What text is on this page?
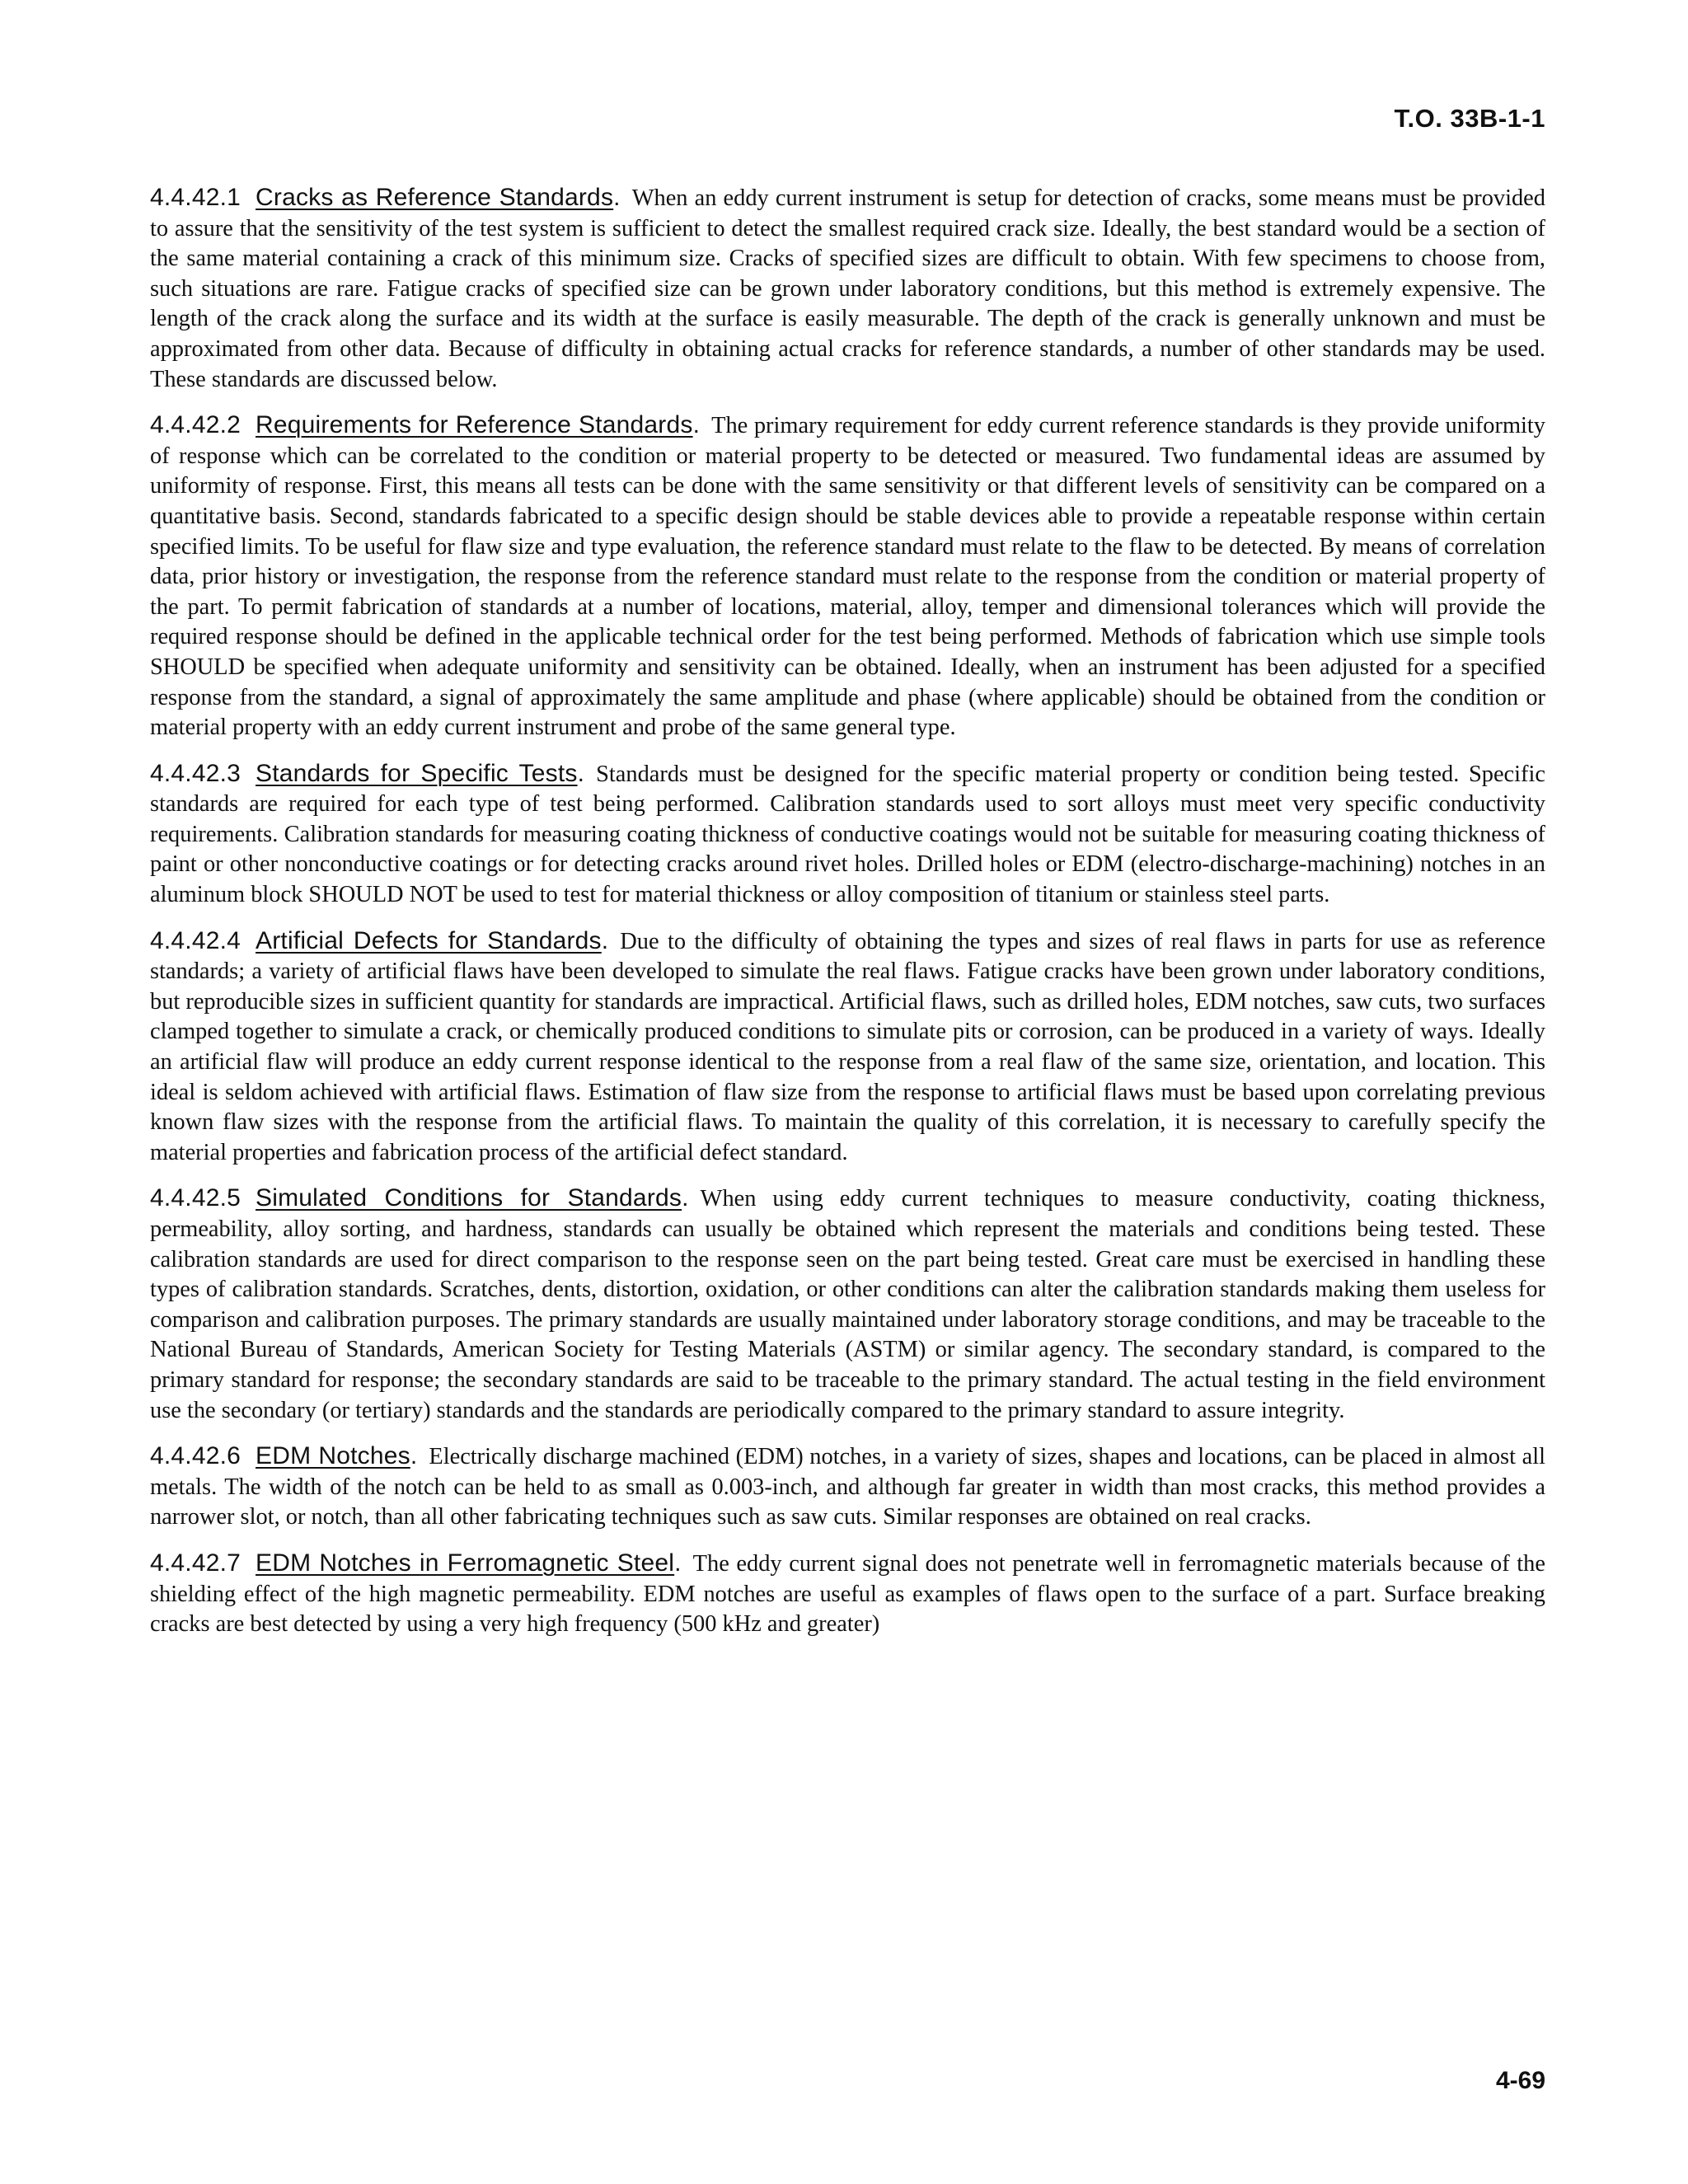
T.O. 33B-1-1

4.4.42.1 Cracks as Reference Standards. When an eddy current instrument is setup for detection of cracks, some means must be provided to assure that the sensitivity of the test system is sufficient to detect the smallest required crack size. Ideally, the best standard would be a section of the same material containing a crack of this minimum size. Cracks of specified sizes are difficult to obtain. With few specimens to choose from, such situations are rare. Fatigue cracks of specified size can be grown under laboratory conditions, but this method is extremely expensive. The length of the crack along the surface and its width at the surface is easily measurable. The depth of the crack is generally unknown and must be approximated from other data. Because of difficulty in obtaining actual cracks for reference standards, a number of other standards may be used. These standards are discussed below.

4.4.42.2 Requirements for Reference Standards. The primary requirement for eddy current reference standards is they provide uniformity of response which can be correlated to the condition or material property to be detected or measured. Two fundamental ideas are assumed by uniformity of response. First, this means all tests can be done with the same sensitivity or that different levels of sensitivity can be compared on a quantitative basis. Second, standards fabricated to a specific design should be stable devices able to provide a repeatable response within certain specified limits. To be useful for flaw size and type evaluation, the reference standard must relate to the flaw to be detected. By means of correlation data, prior history or investigation, the response from the reference standard must relate to the response from the condition or material property of the part. To permit fabrication of standards at a number of locations, material, alloy, temper and dimensional tolerances which will provide the required response should be defined in the applicable technical order for the test being performed. Methods of fabrication which use simple tools SHOULD be specified when adequate uniformity and sensitivity can be obtained. Ideally, when an instrument has been adjusted for a specified response from the standard, a signal of approximately the same amplitude and phase (where applicable) should be obtained from the condition or material property with an eddy current instrument and probe of the same general type.

4.4.42.3 Standards for Specific Tests. Standards must be designed for the specific material property or condition being tested. Specific standards are required for each type of test being performed. Calibration standards used to sort alloys must meet very specific conductivity requirements. Calibration standards for measuring coating thickness of conductive coatings would not be suitable for measuring coating thickness of paint or other nonconductive coatings or for detecting cracks around rivet holes. Drilled holes or EDM (electro-discharge-machining) notches in an aluminum block SHOULD NOT be used to test for material thickness or alloy composition of titanium or stainless steel parts.

4.4.42.4 Artificial Defects for Standards. Due to the difficulty of obtaining the types and sizes of real flaws in parts for use as reference standards; a variety of artificial flaws have been developed to simulate the real flaws. Fatigue cracks have been grown under laboratory conditions, but reproducible sizes in sufficient quantity for standards are impractical. Artificial flaws, such as drilled holes, EDM notches, saw cuts, two surfaces clamped together to simulate a crack, or chemically produced conditions to simulate pits or corrosion, can be produced in a variety of ways. Ideally an artificial flaw will produce an eddy current response identical to the response from a real flaw of the same size, orientation, and location. This ideal is seldom achieved with artificial flaws. Estimation of flaw size from the response to artificial flaws must be based upon correlating previous known flaw sizes with the response from the artificial flaws. To maintain the quality of this correlation, it is necessary to carefully specify the material properties and fabrication process of the artificial defect standard.

4.4.42.5 Simulated Conditions for Standards. When using eddy current techniques to measure conductivity, coating thickness, permeability, alloy sorting, and hardness, standards can usually be obtained which represent the materials and conditions being tested. These calibration standards are used for direct comparison to the response seen on the part being tested. Great care must be exercised in handling these types of calibration standards. Scratches, dents, distortion, oxidation, or other conditions can alter the calibration standards making them useless for comparison and calibration purposes. The primary standards are usually maintained under laboratory storage conditions, and may be traceable to the National Bureau of Standards, American Society for Testing Materials (ASTM) or similar agency. The secondary standard, is compared to the primary standard for response; the secondary standards are said to be traceable to the primary standard. The actual testing in the field environment use the secondary (or tertiary) standards and the standards are periodically compared to the primary standard to assure integrity.

4.4.42.6 EDM Notches. Electrically discharge machined (EDM) notches, in a variety of sizes, shapes and locations, can be placed in almost all metals. The width of the notch can be held to as small as 0.003-inch, and although far greater in width than most cracks, this method provides a narrower slot, or notch, than all other fabricating techniques such as saw cuts. Similar responses are obtained on real cracks.

4.4.42.7 EDM Notches in Ferromagnetic Steel. The eddy current signal does not penetrate well in ferromagnetic materials because of the shielding effect of the high magnetic permeability. EDM notches are useful as examples of flaws open to the surface of a part. Surface breaking cracks are best detected by using a very high frequency (500 kHz and greater)

4-69
